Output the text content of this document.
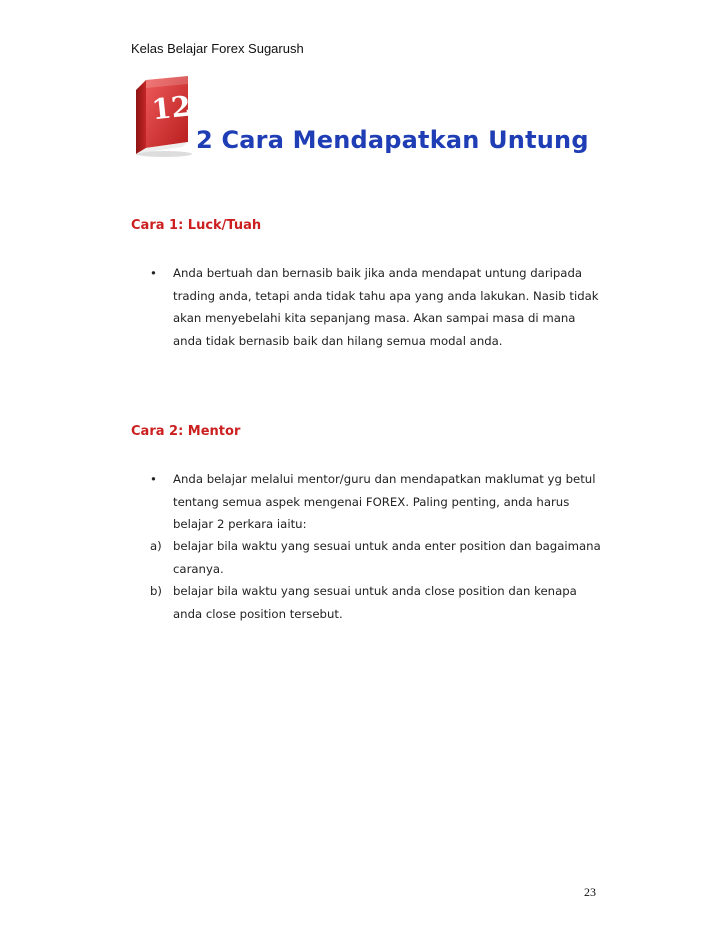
Kelas Belajar Forex Sugarush
12
2 Cara Mendapatkan Untung
Cara 1: Luck/Tuah
• Anda bertuah dan bernasib baik jika anda mendapat untung daripada trading anda, tetapi anda tidak tahu apa yang anda lakukan. Nasib tidak akan menyebelahi kita sepanjang masa. Akan sampai masa di mana anda tidak bernasib baik dan hilang semua modal anda.
Cara 2: Mentor
• Anda belajar melalui mentor/guru dan mendapatkan maklumat yg betul tentang semua aspek mengenai FOREX. Paling penting, anda harus belajar 2 perkara iaitu:
a) belajar bila waktu yang sesuai untuk anda enter position dan bagaimana caranya.
b) belajar bila waktu yang sesuai untuk anda close position dan kenapa anda close position tersebut.
23
